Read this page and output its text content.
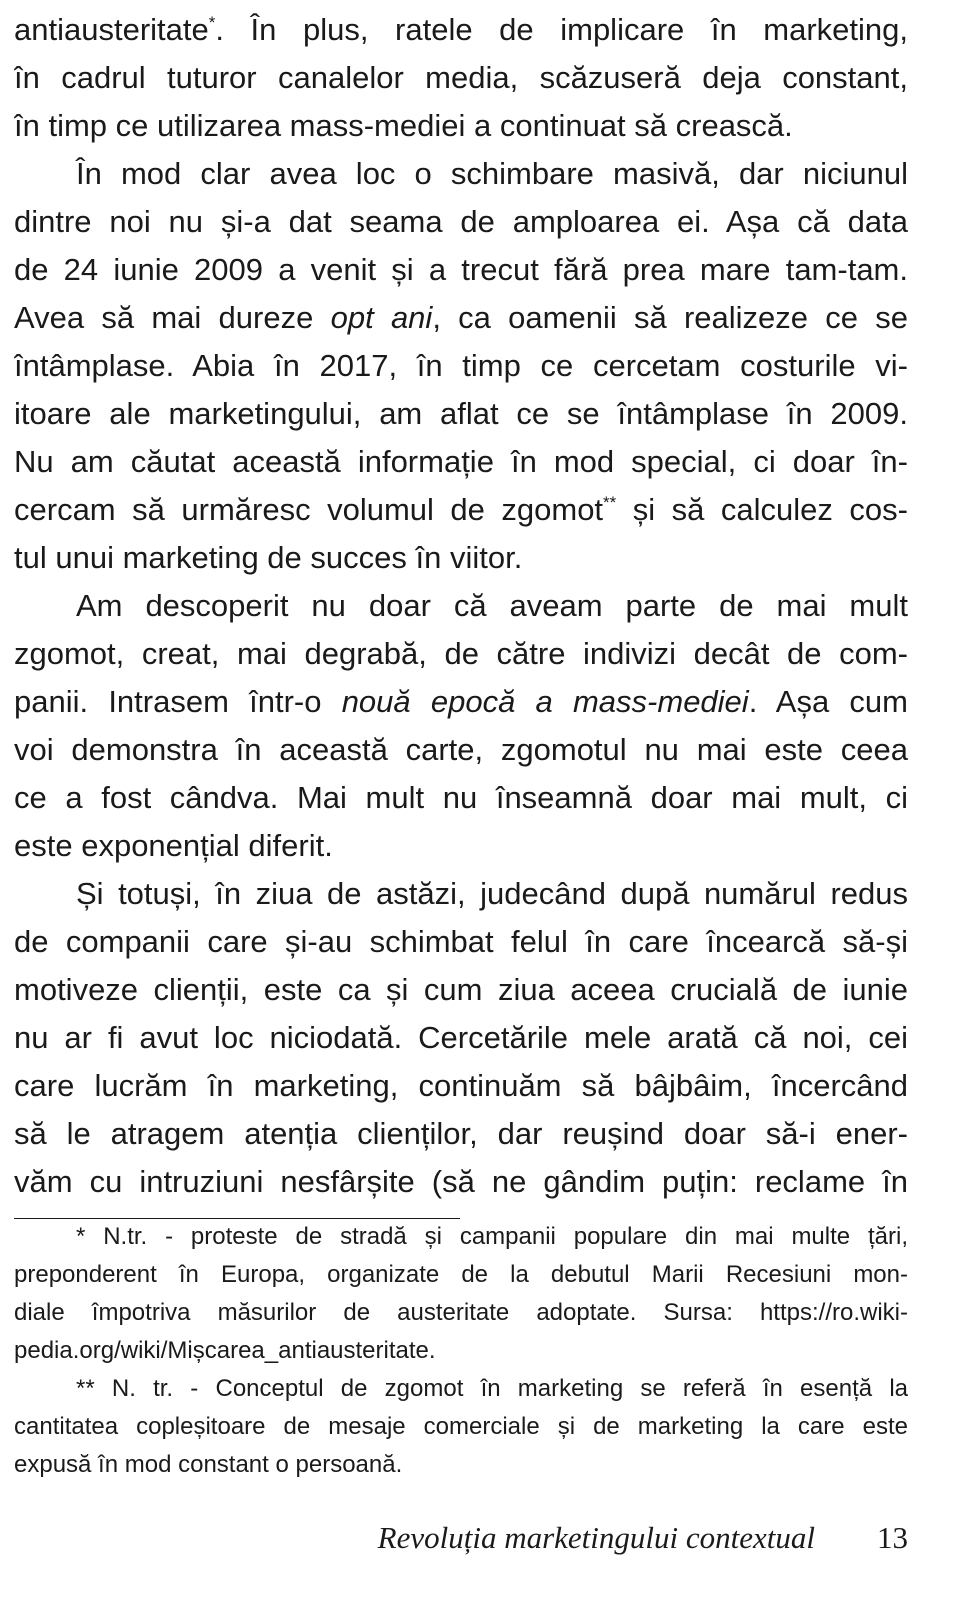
antiausteritate*. În plus, ratele de implicare în marketing,
în cadrul tuturor canalelor media, scăzuseră deja constant,
în timp ce utilizarea mass-mediei a continuat să crească.
În mod clar avea loc o schimbare masivă, dar niciunul
dintre noi nu și-a dat seama de amploarea ei. Așa că data
de 24 iunie 2009 a venit și a trecut fără prea mare tam-tam.
Avea să mai dureze opt ani, ca oamenii să realizeze ce se
întâmplase. Abia în 2017, în timp ce cercetam costurile vi-
itoare ale marketingului, am aflat ce se întâmplase în 2009.
Nu am căutat această informație în mod special, ci doar în-
cercam să urmăresc volumul de zgomot** și să calculez cos-
tul unui marketing de succes în viitor.
Am descoperit nu doar că aveam parte de mai mult
zgomot, creat, mai degrabă, de către indivizi decât de com-
panii. Intrasem într-o nouă epocă a mass-mediei. Așa cum
voi demonstra în această carte, zgomotul nu mai este ceea
ce a fost cândva. Mai mult nu înseamnă doar mai mult, ci
este exponențial diferit.
Și totuși, în ziua de astăzi, judecând după numărul redus
de companii care și-au schimbat felul în care încearcă să-și
motiveze clienții, este ca și cum ziua aceea crucială de iunie
nu ar fi avut loc niciodată. Cercetările mele arată că noi, cei
care lucrăm în marketing, continuăm să bâjbâim, încercând
să le atragem atenția clienților, dar reușind doar să-i ener-
văm cu intruziuni nesfârșite (să ne gândim puțin: reclame în
* N.tr. - proteste de stradă și campanii populare din mai multe țări,
preponderent în Europa, organizate de la debutul Marii Recesiuni mon-
diale împotriva măsurilor de austeritate adoptate. Sursa: https://ro.wiki-
pedia.org/wiki/Mișcarea_antiausteritate.
** N. tr. - Conceptul de zgomot în marketing se referă în esență la
cantitatea copleșitoare de mesaje comerciale și de marketing la care este
expusă în mod constant o persoană.
Revoluția marketingului contextual 13
